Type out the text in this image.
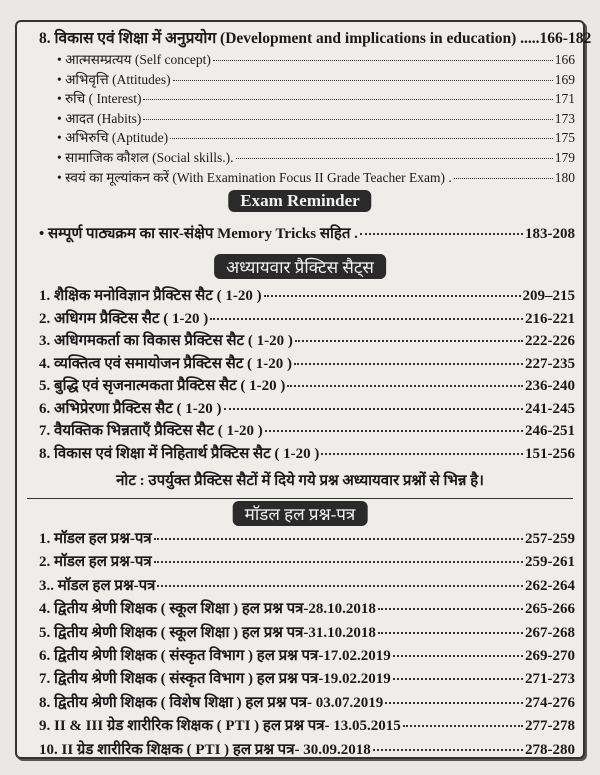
8. विकास एवं शिक्षा में अनुप्रयोग (Development and implications in education) ..... 166-182
• आत्मसम्प्रत्यय (Self concept)	166
• अभिवृत्ति (Attitudes)	169
• रुचि ( Interest)	171
• आदत (Habits)	173
• अभिरुचि (Aptitude)	175
• सामाजिक कौशल (Social skills.).	179
• स्वयं का मूल्यांकन करें (With Examination Focus II Grade Teacher Exam) .	180
Exam Reminder
• सम्पूर्ण पाठ्यक्रम का सार-संक्षेप Memory Tricks सहित .	183-208
अध्यायवार प्रैक्टिस सैट्स
1. शैक्षिक मनोविज्ञान प्रैक्टिस सैट ( 1-20 )	209–215
2. अधिगम प्रैक्टिस सैट ( 1-20 )	216-221
3. अधिगमकर्ता का विकास प्रैक्टिस सैट ( 1-20 )	222-226
4. व्यक्तित्व एवं समायोजन प्रैक्टिस सैट ( 1-20 )	227-235
5. बुद्धि एवं सृजनात्मकता प्रैक्टिस सैट ( 1-20 )	236-240
6. अभिप्रेरणा प्रैक्टिस सैट ( 1-20 )	241-245
7. वैयक्तिक भिन्नताएँ प्रैक्टिस सैट ( 1-20 )	246-251
8. विकास एवं शिक्षा में निहितार्थ प्रैक्टिस सैट ( 1-20 )	151-256
नोट : उपर्युक्त प्रैक्टिस सैटों में दिये गये प्रश्न अध्यायवार प्रश्नों से भिन्न है।
मॉडल हल प्रश्न-पत्र
1. मॉडल हल प्रश्न-पत्र	257-259
2. मॉडल हल प्रश्न-पत्र	259-261
3.. मॉडल हल प्रश्न-पत्र	262-264
4. द्वितीय श्रेणी शिक्षक ( स्कूल शिक्षा ) हल प्रश्न पत्र-28.10.2018	265-266
5. द्वितीय श्रेणी शिक्षक ( स्कूल शिक्षा ) हल प्रश्न पत्र-31.10.2018	267-268
6. द्वितीय श्रेणी शिक्षक ( संस्कृत विभाग ) हल प्रश्न पत्र-17.02.2019	269-270
7. द्वितीय श्रेणी शिक्षक ( संस्कृत विभाग ) हल प्रश्न पत्र-19.02.2019	271-273
8. द्वितीय श्रेणी शिक्षक ( विशेष शिक्षा ) हल प्रश्न पत्र- 03.07.2019	274-276
9. II & III ग्रेड शारीरिक शिक्षक ( PTI ) हल प्रश्न पत्र- 13.05.2015	277-278
10. II ग्रेड शारीरिक शिक्षक ( PTI ) हल प्रश्न पत्र- 30.09.2018	278-280
